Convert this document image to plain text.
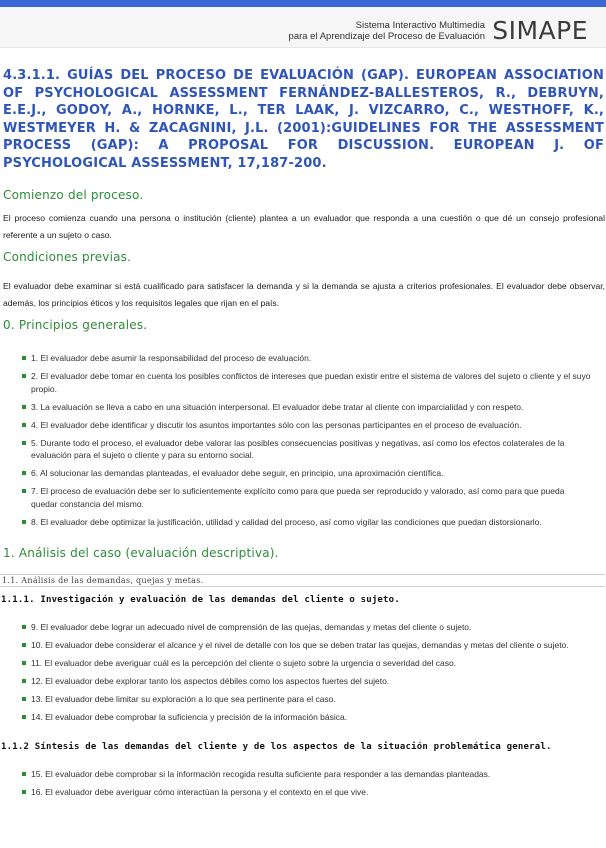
Sistema Interactivo Multimedia
para el Aprendizaje del Proceso de Evaluación SIMAPE
4.3.1.1. GUÍAS DEL PROCESO DE EVALUACIÓN (GAP). EUROPEAN ASSOCIATION OF PSYCHOLOGICAL ASSESSMENT FERNÁNDEZ-BALLESTEROS, R., DEBRUYN, E.E.J., GODOY, A., HORNKE, L., TER LAAK, J. VIZCARRO, C., WESTHOFF, K., WESTMEYER H. & ZACAGNINI, J.L. (2001):GUIDELINES FOR THE ASSESSMENT PROCESS (GAP): A PROPOSAL FOR DISCUSSION. EUROPEAN J. OF PSYCHOLOGICAL ASSESSMENT, 17,187-200.
Comienzo del proceso.

El proceso comienza cuando una persona o institución (cliente) plantea a un evaluador que responda a una cuestión o que dé un consejo profesional referente a un sujeto o caso.

Condiciones previas.

El evaluador debe examinar si está cualificado para satisfacer la demanda y si la demanda se ajusta a criterios profesionales. El evaluador debe observar, además, los principios éticos y los requisitos legales que rijan en el país.

0. Principios generales.
1. El evaluador debe asumir la responsabilidad del proceso de evaluación.
2. El evaluador debe tomar en cuenta los posibles conflictos de intereses que puedan existir entre el sistema de valores del sujeto o cliente y el suyo propio.
3. La evaluación se lleva a cabo en una situación interpersonal. El evaluador debe tratar al cliente con imparcialidad y con respeto.
4. El evaluador debe identificar y discutir los asuntos importantes sólo con las personas participantes en el proceso de evaluación.
5. Durante todo el proceso, el evaluador debe valorar las posibles consecuencias positivas y negativas, así como los efectos colaterales de la evaluación para el sujeto o cliente y para su entorno social.
6. Al solucionar las demandas planteadas, el evaluador debe seguir, en principio, una aproximación científica.
7. El proceso de evaluación debe ser lo suficientemente explícito como para que pueda ser reproducido y valorado, así como para que pueda quedar constancia del mismo.
8. El evaluador debe optimizar la justificación, utilidad y calidad del proceso, así como vigilar las condiciones que puedan distorsionarlo.
1. Análisis del caso (evaluación descriptiva).
1.1. Análisis de las demandas, quejas y metas.
1.1.1. Investigación y evaluación de las demandas del cliente o sujeto.
9. El evaluador debe lograr un adecuado nivel de comprensión de las quejas, demandas y metas del cliente o sujeto.
10. El evaluador debe considerar el alcance y el nivel de detalle con los que se deben tratar las quejas, demandas y metas del cliente o sujeto.
11. El evaluador debe averiguar cuál es la percepción del cliente o sujeto sobre la urgencia o severidad del caso.
12. El evaluador debe explorar tanto los aspectos débiles como los aspectos fuertes del sujeto.
13. El evaluador debe limitar su exploración a lo que sea pertinente para el caso.
14. El evaluador debe comprobar la suficiencia y precisión de la información básica.
1.1.2 Síntesis de las demandas del cliente y de los aspectos de la situación problemática general.
15. El evaluador debe comprobar si la información recogida resulta suficiente para responder a las demandas planteadas.
16. El evaluador debe averiguar cómo interactúan la persona y el contexto en el que vive.
